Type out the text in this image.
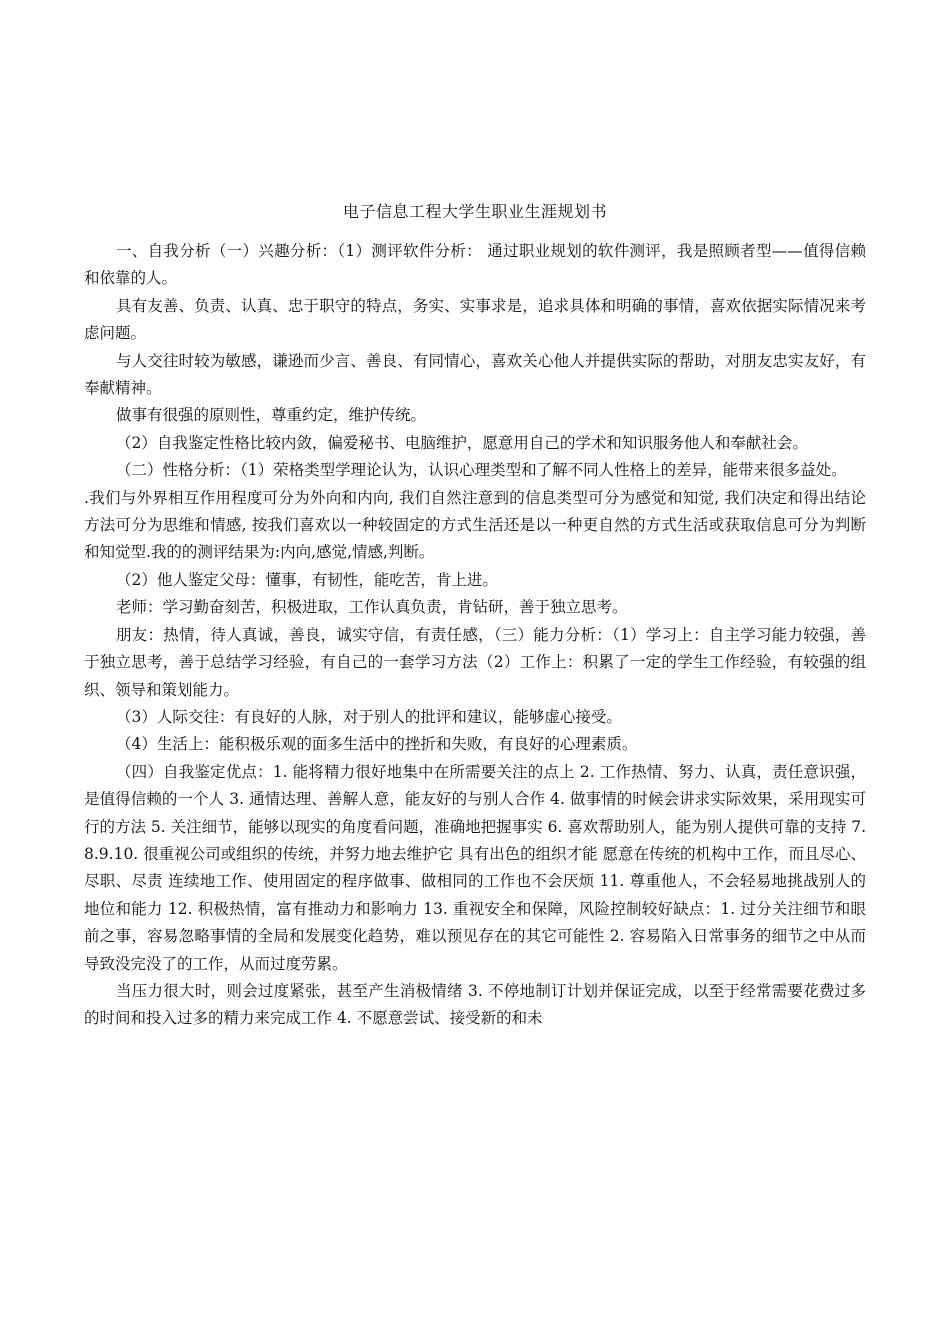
电子信息工程大学生职业生涯规划书

一、自我分析（一）兴趣分析：（1）测评软件分析： 通过职业规划的软件测评，我是照顾者型——值得信赖和依靠的人。

具有友善、负责、认真、忠于职守的特点，务实、实事求是，追求具体和明确的事情，喜欢依据实际情况来考虑问题。

与人交往时较为敏感，谦逊而少言、善良、有同情心，喜欢关心他人并提供实际的帮助，对朋友忠实友好，有奉献精神。

做事有很强的原则性，尊重约定，维护传统。

（2）自我鉴定性格比较内敛，偏爱秘书、电脑维护，愿意用自己的学术和知识服务他人和奉献社会。

（二）性格分析：（1）荣格类型学理论认为，认识心理类型和了解不同人性格上的差异，能带来很多益处。

.我们与外界相互作用程度可分为外向和内向, 我们自然注意到的信息类型可分为感觉和知觉, 我们决定和得出结论方法可分为思维和情感, 按我们喜欢以一种较固定的方式生活还是以一种更自然的方式生活或获取信息可分为判断和知觉型.我的的测评结果为:内向,感觉,情感,判断。

（2）他人鉴定父母：懂事，有韧性，能吃苦，肯上进。

老师：学习勤奋刻苦，积极进取，工作认真负责，肯钻研，善于独立思考。

朋友：热情，待人真诚，善良，诚实守信，有责任感，（三）能力分析：（1）学习上：自主学习能力较强，善于独立思考，善于总结学习经验，有自己的一套学习方法（2）工作上：积累了一定的学生工作经验，有较强的组织、领导和策划能力。

（3）人际交往：有良好的人脉，对于别人的批评和建议，能够虚心接受。

（4）生活上：能积极乐观的面多生活中的挫折和失败，有良好的心理素质。

（四）自我鉴定优点：1. 能将精力很好地集中在所需要关注的点上 2. 工作热情、努力、认真，责任意识强，是值得信赖的一个人 3. 通情达理、善解人意，能友好的与别人合作 4. 做事情的时候会讲求实际效果，采用现实可行的方法 5. 关注细节，能够以现实的角度看问题，准确地把握事实 6. 喜欢帮助别人，能为别人提供可靠的支持 7.8.9.10. 很重视公司或组织的传统，并努力地去维护它 具有出色的组织才能 愿意在传统的机构中工作，而且尽心、尽职、尽责 连续地工作、使用固定的程序做事、做相同的工作也不会厌烦 11. 尊重他人，不会轻易地挑战别人的地位和能力 12. 积极热情，富有推动力和影响力 13. 重视安全和保障，风险控制较好缺点：1. 过分关注细节和眼前之事，容易忽略事情的全局和发展变化趋势，难以预见存在的其它可能性 2. 容易陷入日常事务的细节之中从而导致没完没了的工作，从而过度劳累。

当压力很大时，则会过度紧张，甚至产生消极情绪 3. 不停地制订计划并保证完成，以至于经常需要花费过多的时间和投入过多的精力来完成工作 4. 不愿意尝试、接受新的和未
